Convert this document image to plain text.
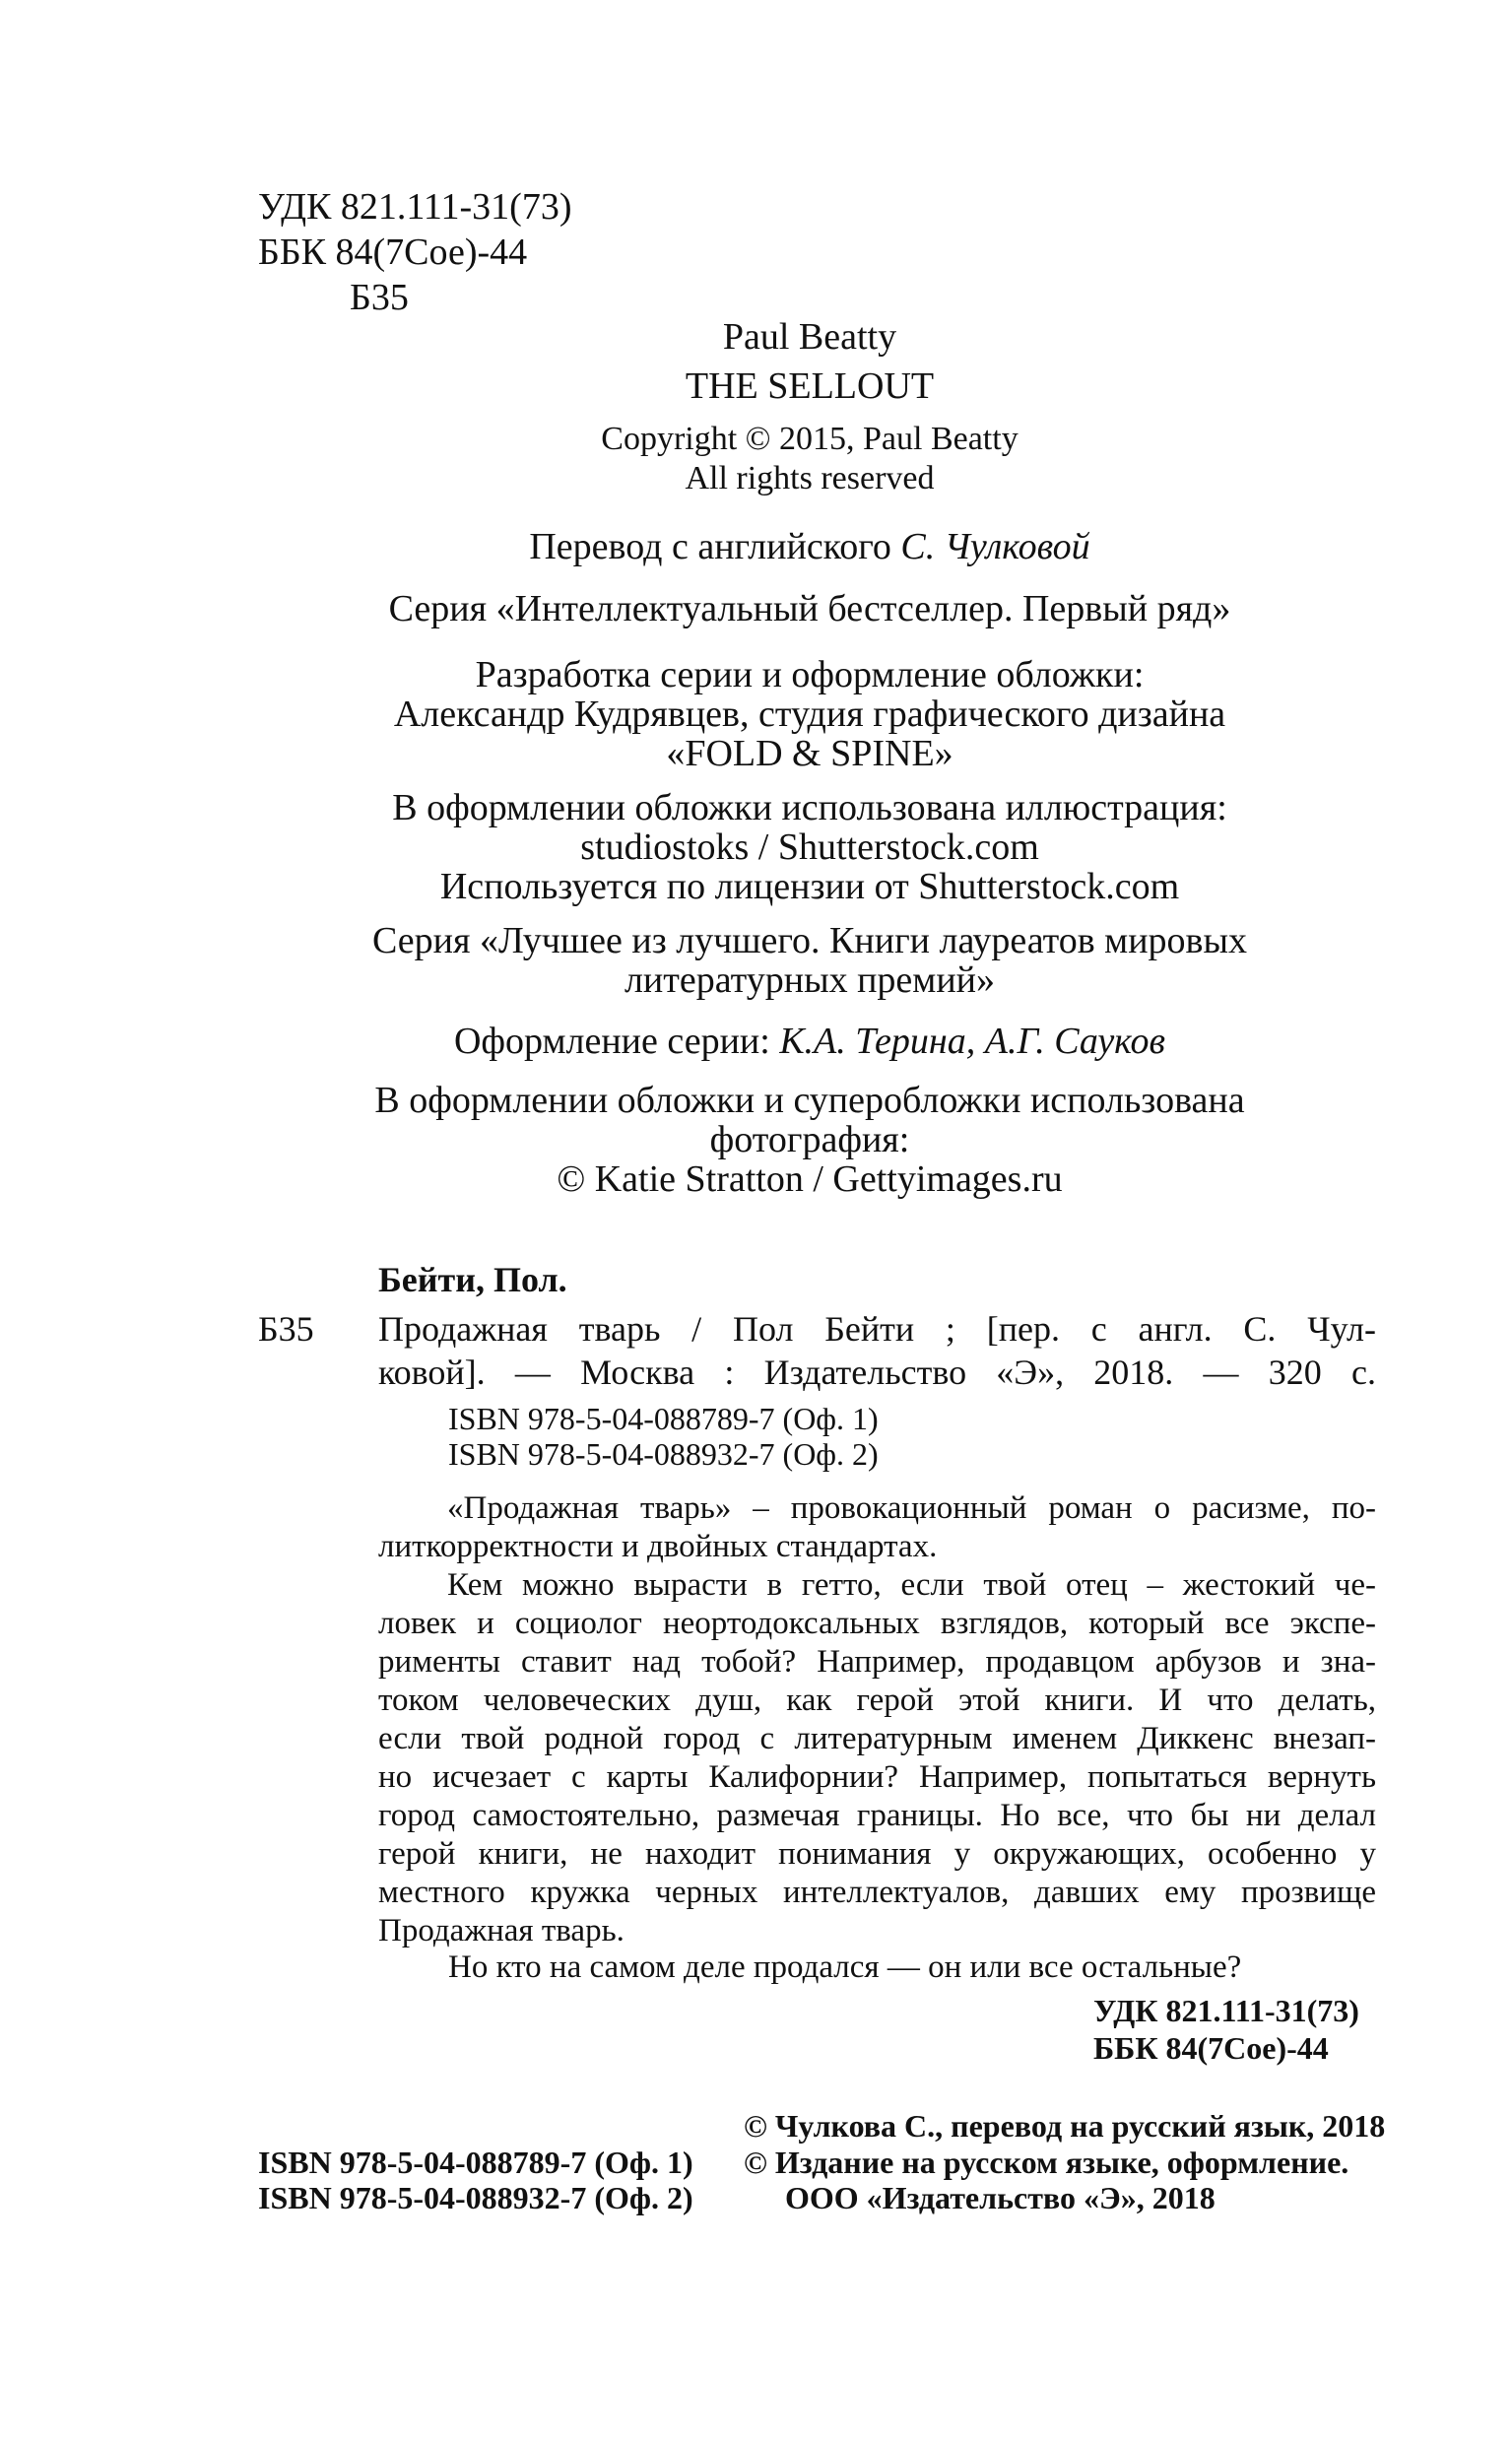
УДК 821.111-31(73)
ББК 84(7Сое)-44
Б35
Paul Beatty
THE SELLOUT
Copyright © 2015, Paul Beatty
All rights reserved
Перевод с английского С. Чулковой
Серия «Интеллектуальный бестселлер. Первый ряд»
Разработка серии и оформление обложки:
Александр Кудрявцев, студия графического дизайна
«FOLD & SPINE»
В оформлении обложки использована иллюстрация:
studiostoks / Shutterstock.com
Используется по лицензии от Shutterstock.com
Серия «Лучшее из лучшего. Книги лауреатов мировых
литературных премий»
Оформление серии: К.А. Терина, А.Г. Сауков
В оформлении обложки и суперобложки использована
фотография:
© Katie Stratton / Gettyimages.ru
Бейти, Пол.
Б35 Продажная тварь / Пол Бейти ; [пер. с англ. С. Чул-
ковой]. — Москва : Издательство «Э», 2018. — 320 с.
ISBN 978-5-04-088789-7 (Оф. 1)
ISBN 978-5-04-088932-7 (Оф. 2)
«Продажная тварь» – провокационный роман о расизме, по-
литкорректности и двойных стандартах.
Кем можно вырасти в гетто, если твой отец – жестокий че-
ловек и социолог неортодоксальных взглядов, который все экспе-
рименты ставит над тобой? Например, продавцом арбузов и зна-
током человеческих душ, как герой этой книги. И что делать,
если твой родной город с литературным именем Диккенс внезап-
но исчезает с карты Калифорнии? Например, попытаться вернуть
город самостоятельно, размечая границы. Но все, что бы ни делал
герой книги, не находит понимания у окружающих, особенно у
местного кружка черных интеллектуалов, давших ему прозвище
Продажная тварь.
Но кто на самом деле продался — он или все остальные?
УДК 821.111-31(73)
ББК 84(7Сое)-44
ISBN 978-5-04-088789-7 (Оф. 1)
ISBN 978-5-04-088932-7 (Оф. 2)
© Чулкова С., перевод на русский язык, 2018
© Издание на русском языке, оформление.
ООО «Издательство «Э», 2018
